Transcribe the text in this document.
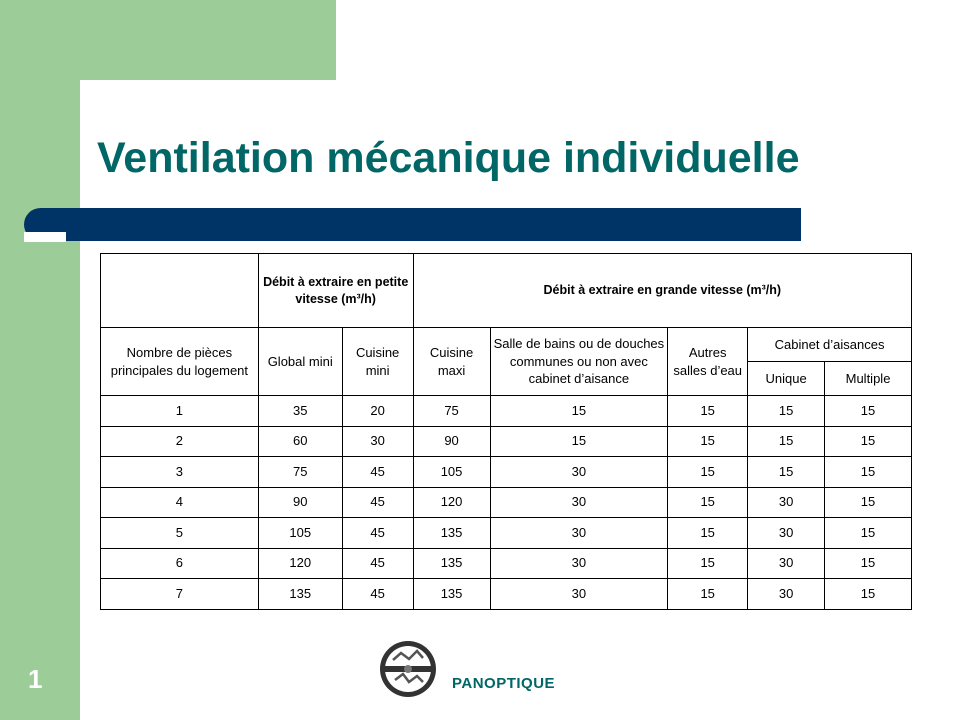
Ventilation mécanique individuelle
	Débit à extraire en petite vitesse (m³/h)		Débit à extraire en grande vitesse (m³/h)				
Nombre de pièces principales du logement	Global mini	Cuisine mini	Cuisine maxi	Salle de bains ou de douches communes ou non avec cabinet d’aisance	Autres salles d’eau	Cabinet d’aisances	
						Unique	Multiple
1	35	20	75	15	15	15	15
2	60	30	90	15	15	15	15
3	75	45	105	30	15	15	15
4	90	45	120	30	15	30	15
5	105	45	135	30	15	30	15
6	120	45	135	30	15	30	15
7	135	45	135	30	15	30	15
1	PANOPTIQUE
